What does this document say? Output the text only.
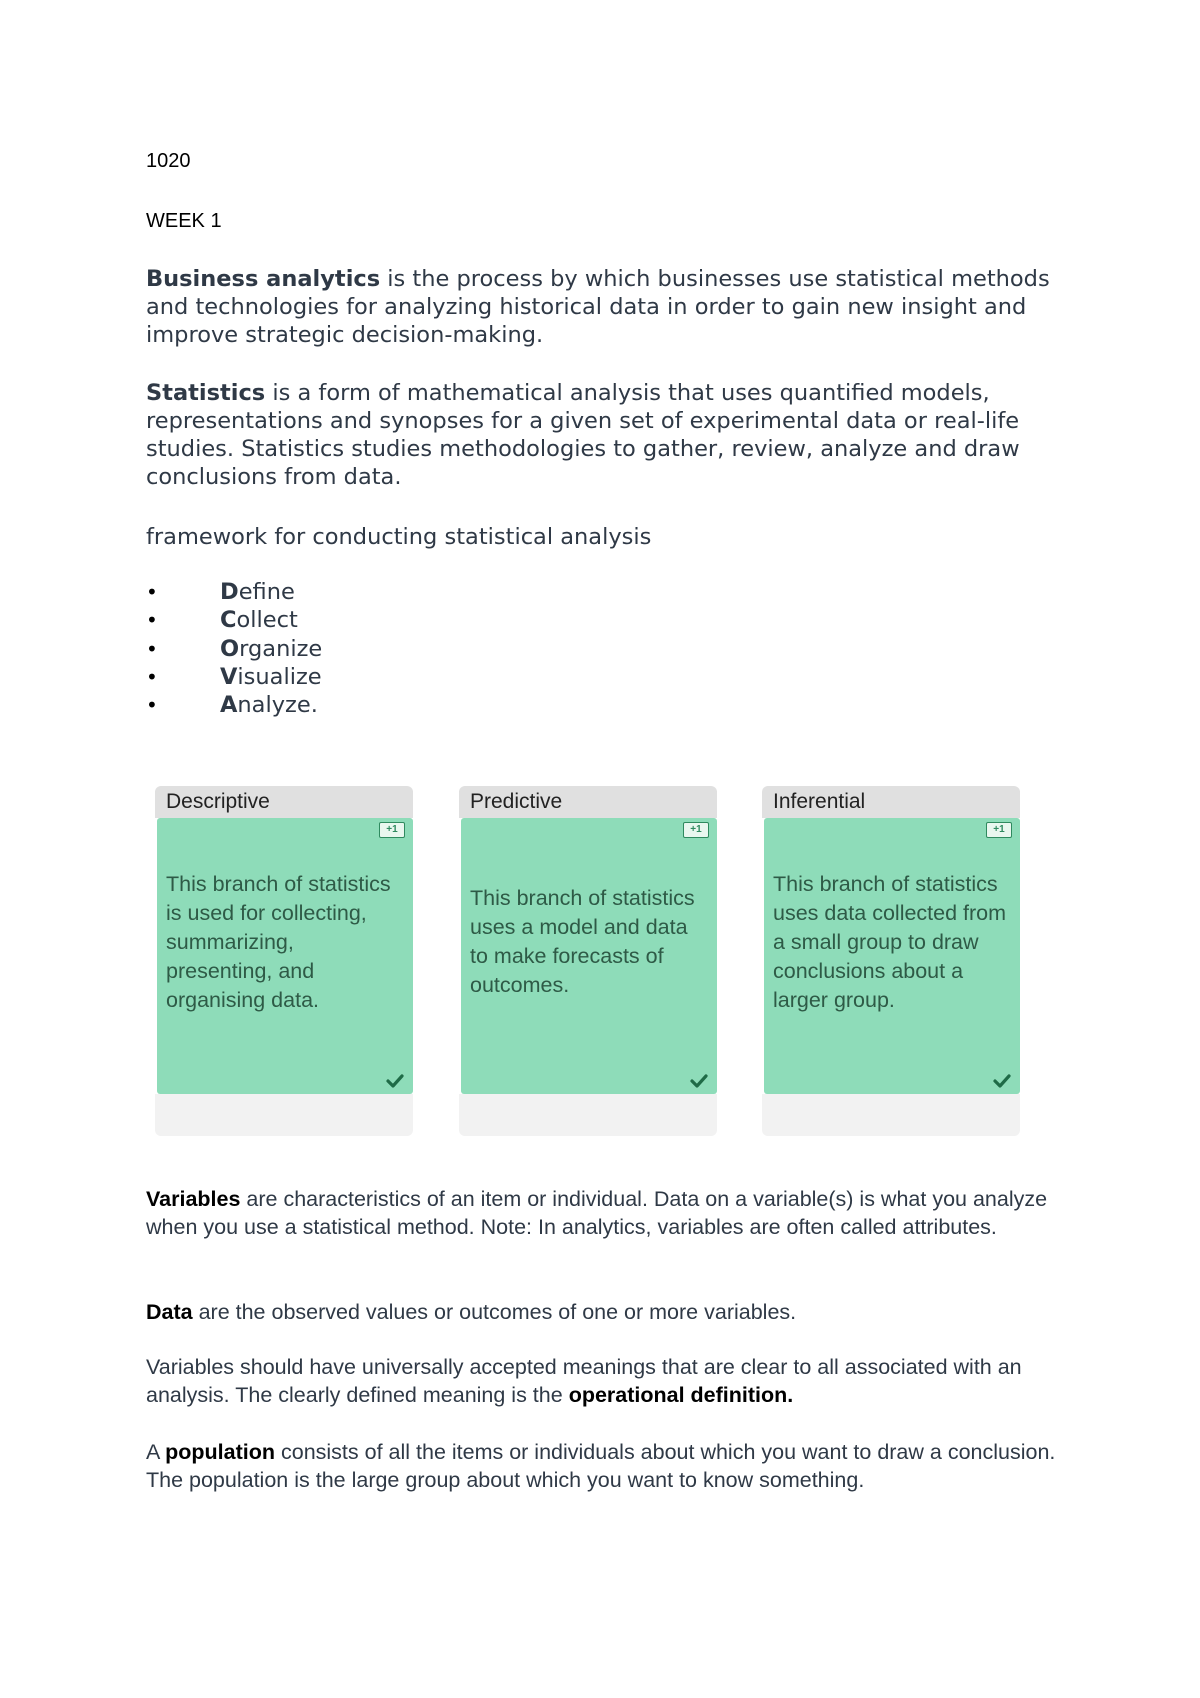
1020
WEEK 1
Business analytics is the process by which businesses use statistical methods and technologies for analyzing historical data in order to gain new insight and improve strategic decision-making.
Statistics is a form of mathematical analysis that uses quantified models, representations and synopses for a given set of experimental data or real-life studies. Statistics studies methodologies to gather, review, analyze and draw conclusions from data.
framework for conducting statistical analysis
•	Define
•	Collect
•	Organize
•	Visualize
•	Analyze.
Descriptive
+1
This branch of statistics is used for collecting, summarizing, presenting, and organising data.
Predictive
+1
This branch of statistics uses a model and data to make forecasts of outcomes.
Inferential
+1
This branch of statistics uses data collected from a small group to draw conclusions about a larger group.
Variables are characteristics of an item or individual. Data on a variable(s) is what you analyze when you use a statistical method. Note: In analytics, variables are often called attributes.
Data are the observed values or outcomes of one or more variables.
Variables should have universally accepted meanings that are clear to all associated with an analysis. The clearly defined meaning is the operational definition.
A population consists of all the items or individuals about which you want to draw a conclusion. The population is the large group about which you want to know something.
